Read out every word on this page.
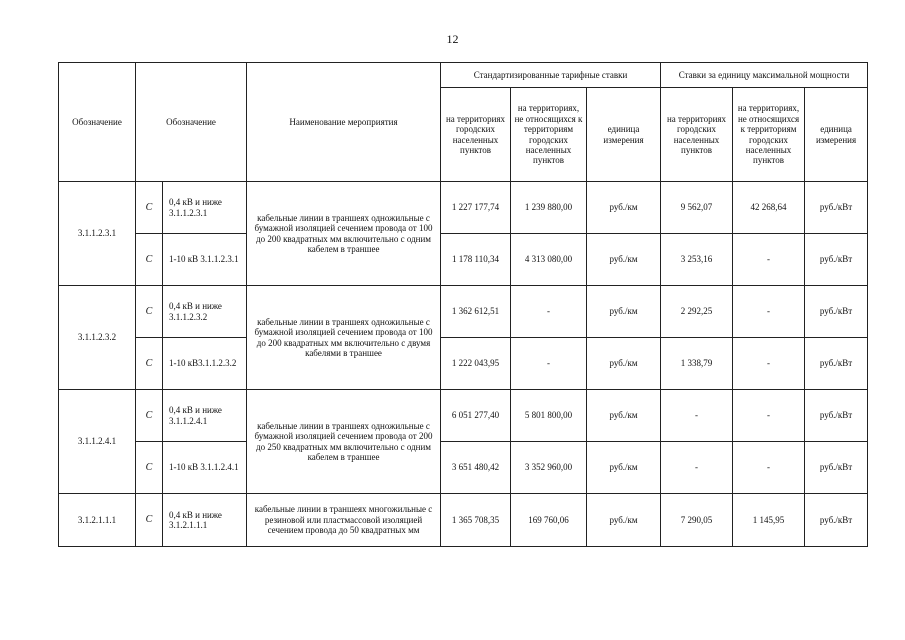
12
Обозначение	Обозначение		Наименование мероприятия	Стандартизированные тарифные ставки			Ставки за единицу максимальной мощности		
				на территориях городских населенных пунктов	на территориях, не относящихся к территориям городских населенных пунктов	единица измерения	на территориях городских населенных пунктов	на территориях, не относящихся к территориям городских населенных пунктов	единица измерения
3.1.1.2.3.1	С	0,4 кВ и ниже 3.1.1.2.3.1	кабельные линии в траншеях одножильные с бумажной изоляцией сечением провода от 100 до 200 квадратных мм включительно с одним кабелем в траншее	1 227 177,74	1 239 880,00	руб./км	9 562,07	42 268,64	руб./кВт
	С	1-10 кВ 3.1.1.2.3.1		1 178 110,34	4 313 080,00	руб./км	3 253,16	-	руб./кВт
3.1.1.2.3.2	С	0,4 кВ и ниже 3.1.1.2.3.2	кабельные линии в траншеях одножильные с бумажной изоляцией сечением провода от 100 до 200 квадратных мм включительно с двумя кабелями в траншее	1 362 612,51	-	руб./км	2 292,25	-	руб./кВт
	С	1-10 кВ3.1.1.2.3.2		1 222 043,95	-	руб./км	1 338,79	-	руб./кВт
3.1.1.2.4.1	С	0,4 кВ и ниже 3.1.1.2.4.1	кабельные линии в траншеях одножильные с бумажной изоляцией сечением провода от 200 до 250 квадратных мм включительно с одним кабелем в траншее	6 051 277,40	5 801 800,00	руб./км	-	-	руб./кВт
	С	1-10 кВ 3.1.1.2.4.1		3 651 480,42	3 352 960,00	руб./км	-	-	руб./кВт
3.1.2.1.1.1	С	0,4 кВ и ниже 3.1.2.1.1.1	кабельные линии в траншеях многожильные с резиновой или пластмассовой изоляцией сечением провода до 50 квадратных мм	1 365 708,35	169 760,06	руб./км	7 290,05	1 145,95	руб./кВт
